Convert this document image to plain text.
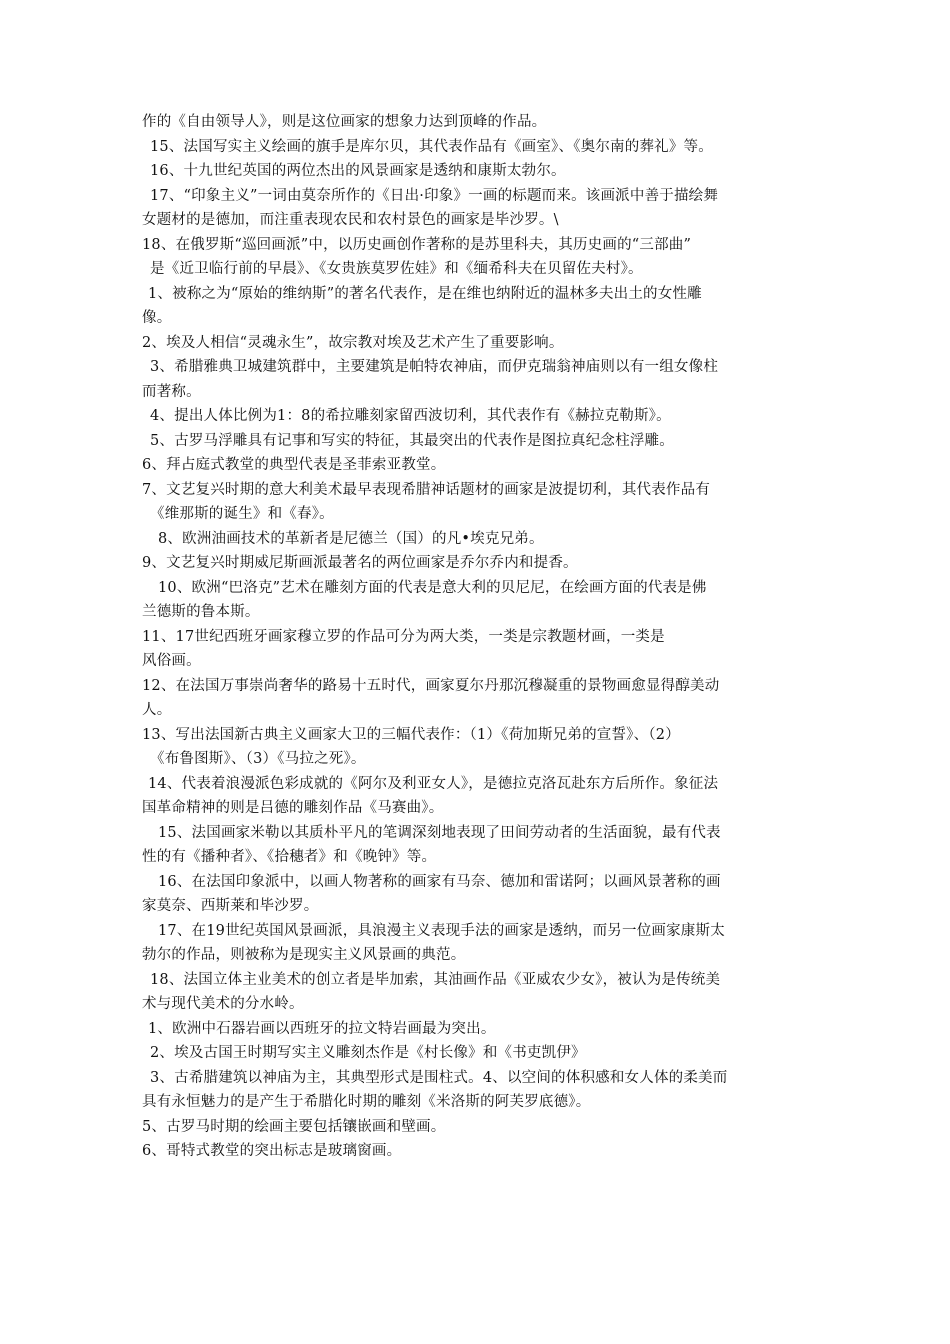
作的《自由领导人》，则是这位画家的想象力达到顶峰的作品。
15、法国写实主义绘画的旗手是库尔贝，其代表作品有《画室》、《奥尔南的葬礼》等。
16、十九世纪英国的两位杰出的风景画家是透纳和康斯太勃尔。
17、“印象主义”一词由莫奈所作的《日出·印象》一画的标题而来。该画派中善于描绘舞
女题材的是德加，而注重表现农民和农村景色的画家是毕沙罗。\
18、在俄罗斯“巡回画派”中，以历史画创作著称的是苏里科夫，其历史画的“三部曲”
是《近卫临行前的早晨》、《女贵族莫罗佐娃》和《缅希科夫在贝留佐夫村》。
1、被称之为“原始的维纳斯”的著名代表作，是在维也纳附近的温林多夫出土的女性雕
像。
2、埃及人相信“灵魂永生”，故宗教对埃及艺术产生了重要影响。
3、希腊雅典卫城建筑群中，主要建筑是帕特农神庙，而伊克瑞翁神庙则以有一组女像柱
而著称。
4、提出人体比例为1：8的希拉雕刻家留西波切利，其代表作有《赫拉克勒斯》。
5、古罗马浮雕具有记事和写实的特征，其最突出的代表作是图拉真纪念柱浮雕。
6、拜占庭式教堂的典型代表是圣菲索亚教堂。
7、文艺复兴时期的意大利美术最早表现希腊神话题材的画家是波提切利，其代表作品有
《维那斯的诞生》和《春》。
8、欧洲油画技术的革新者是尼德兰（国）的凡•埃克兄弟。
9、文艺复兴时期威尼斯画派最著名的两位画家是乔尔乔内和提香。
10、欧洲“巴洛克”艺术在雕刻方面的代表是意大利的贝尼尼，在绘画方面的代表是佛
兰德斯的鲁本斯。
11、17世纪西班牙画家穆立罗的作品可分为两大类，一类是宗教题材画，一类是
风俗画。
12、在法国万事崇尚奢华的路易十五时代，画家夏尔丹那沉穆凝重的景物画愈显得醇美动
人。
13、写出法国新古典主义画家大卫的三幅代表作：（1）《荷加斯兄弟的宣誓》、（2）
《布鲁图斯》、（3）《马拉之死》。
14、代表着浪漫派色彩成就的《阿尔及利亚女人》，是德拉克洛瓦赴东方后所作。象征法
国革命精神的则是吕德的雕刻作品《马赛曲》。
15、法国画家米勒以其质朴平凡的笔调深刻地表现了田间劳动者的生活面貌，最有代表
性的有《播种者》、《拾穗者》和《晚钟》等。
16、在法国印象派中，以画人物著称的画家有马奈、德加和雷诺阿；以画风景著称的画
家莫奈、西斯莱和毕沙罗。
17、在19世纪英国风景画派，具浪漫主义表现手法的画家是透纳，而另一位画家康斯太
勃尔的作品，则被称为是现实主义风景画的典范。
18、法国立体主业美术的创立者是毕加索，其油画作品《亚威农少女》，被认为是传统美
术与现代美术的分水岭。
1、欧洲中石器岩画以西班牙的拉文特岩画最为突出。
2、埃及古国王时期写实主义雕刻杰作是《村长像》和《书吏凯伊》
3、古希腊建筑以神庙为主，其典型形式是围柱式。4、以空间的体积感和女人体的柔美而
具有永恒魅力的是产生于希腊化时期的雕刻《米洛斯的阿芙罗底德》。
5、古罗马时期的绘画主要包括镶嵌画和壁画。
6、哥特式教堂的突出标志是玻璃窗画。
